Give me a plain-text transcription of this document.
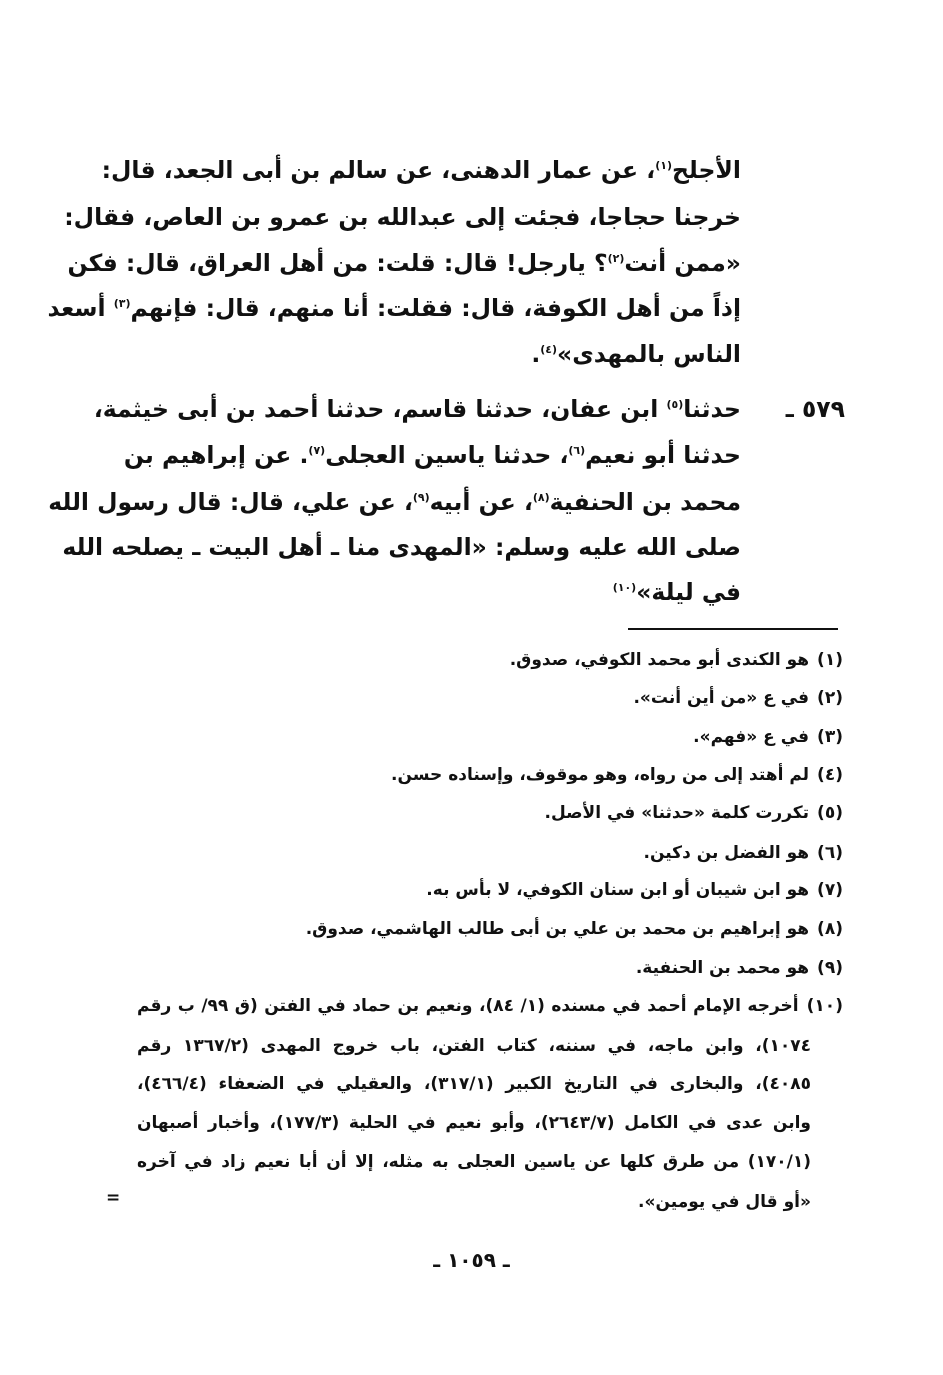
الأجلح$^{(١)}$، عن عمار الدهنى، عن سالم بن أبى الجعد، قال:
خرجنا حجاجا، فجئت إلى عبدالله بن عمرو بن العاص، فقال:
«ممن أنت$^{(٢)}$؟ يارجل! قال: قلت: من أهل العراق، قال: فكن
إذاً من أهل الكوفة، قال: فقلت: أنا منهم، قال: فإنهم$^{(٣)}$ أسعد
الناس بالمهدى»$^{(٤)}$.
٥٧٩ ـ
حدثنا$^{(٥)}$ ابن عفان، حدثنا قاسم، حدثنا أحمد بن أبى خيثمة،
حدثنا أبو نعيم$^{(٦)}$، حدثنا ياسين العجلى$^{(٧)}$. عن إبراهيم بن
محمد بن الحنفية$^{(٨)}$، عن أبيه$^{(٩)}$، عن علي، قال: قال رسول الله
صلى الله عليه وسلم: «المهدى منا ـ أهل البيت ـ يصلحه الله
في ليلة»$^{(١٠)}$
(١)هو الكندى أبو محمد الكوفي، صدوق.
(٢)في ع «من أين أنت».
(٣)في ع «فهم».
(٤)لم أهتد إلى من رواه، وهو موقوف، وإسناده حسن.
(٥)تكررت كلمة «حدثنا» في الأصل.
(٦)هو الفضل بن دكين.
(٧)هو ابن شيبان أو ابن سنان الكوفي، لا بأس به.
(٨)هو إبراهيم بن محمد بن علي بن أبى طالب الهاشمي، صدوق.
(٩)هو محمد بن الحنفية.
(١٠)أخرجه الإمام أحمد في مسنده (١/ ٨٤)، ونعيم بن حماد في الفتن (ق ٩٩/ ب رقم
١٠٧٤)، وابن ماجه، في سننه، كتاب الفتن، باب خروج المهدى (١٣٦٧/٢ رقم
٤٠٨٥)، والبخارى في التاريخ الكبير (٣١٧/١)، والعقيلي في الضعفاء (٤٦٦/٤)،
وابن عدى في الكامل (٢٦٤٣/٧)، وأبو نعيم في الحلية (١٧٧/٣)، وأخبار أصبهان
(١٧٠/١) من طرق كلها عن ياسين العجلى به مثله، إلا أن أبا نعيم زاد في آخره
«أو قال في يومين».
=
ـ ١٠٥٩ ـ
